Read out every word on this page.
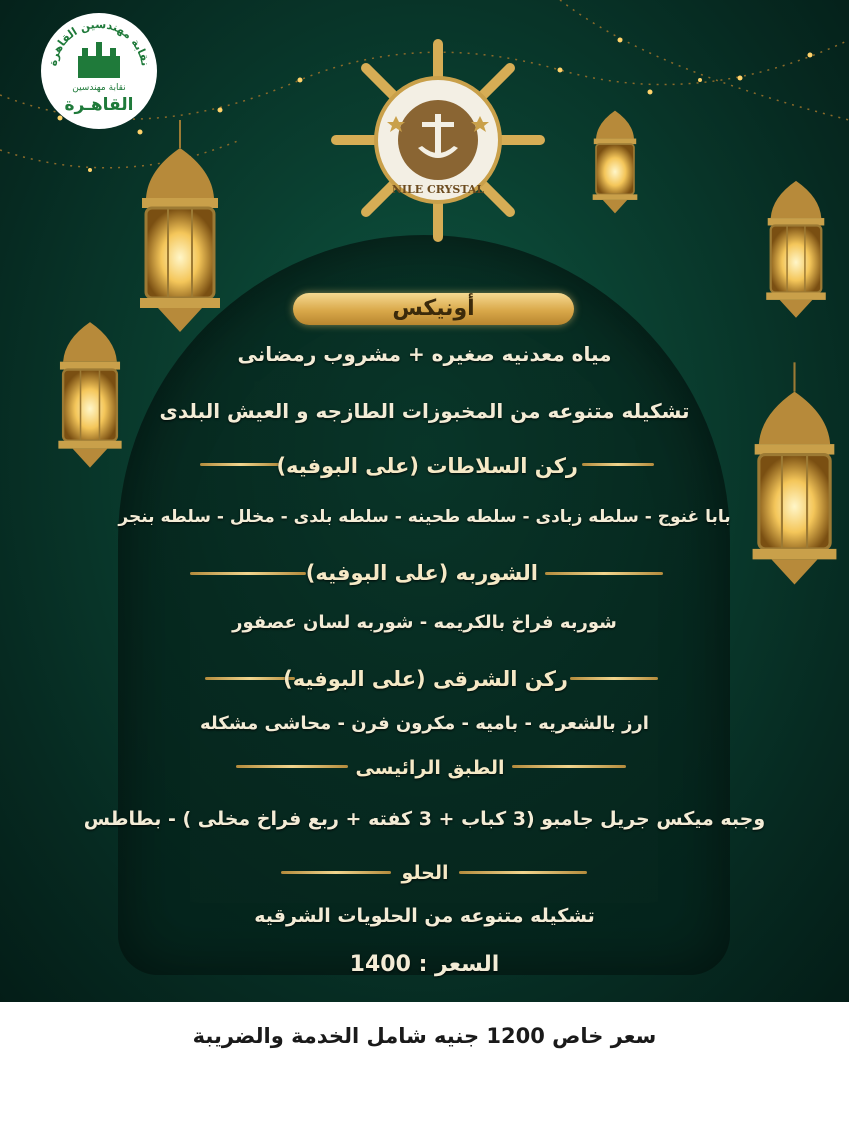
نقابة مهندسين القاهرة
نقابة مهندسين
القاهـرة
NILE CRYSTAL
أونيكس
مياه معدنيه صغيره + مشروب رمضانى
تشكيله متنوعه من المخبوزات الطازجه و العيش البلدى
ركن السلاطات (على البوفيه)
بابا غنوج - سلطه زبادى - سلطه طحينه - سلطه بلدى - مخلل - سلطه بنجر
الشوربه (على البوفيه)
شوربه فراخ بالكريمه - شوربه لسان عصفور
ركن الشرقى (على البوفيه)
ارز بالشعريه - باميه - مكرون فرن - محاشى مشكله
الطبق الرائيسى
وجبه ميكس جريل جامبو (3 كباب + 3 كفته + ربع فراخ مخلى ) - بطاطس
الحلو
تشكيله متنوعه من الحلويات الشرقيه
السعر : 1400
سعر خاص 1200 جنيه شامل الخدمة والضريبة
